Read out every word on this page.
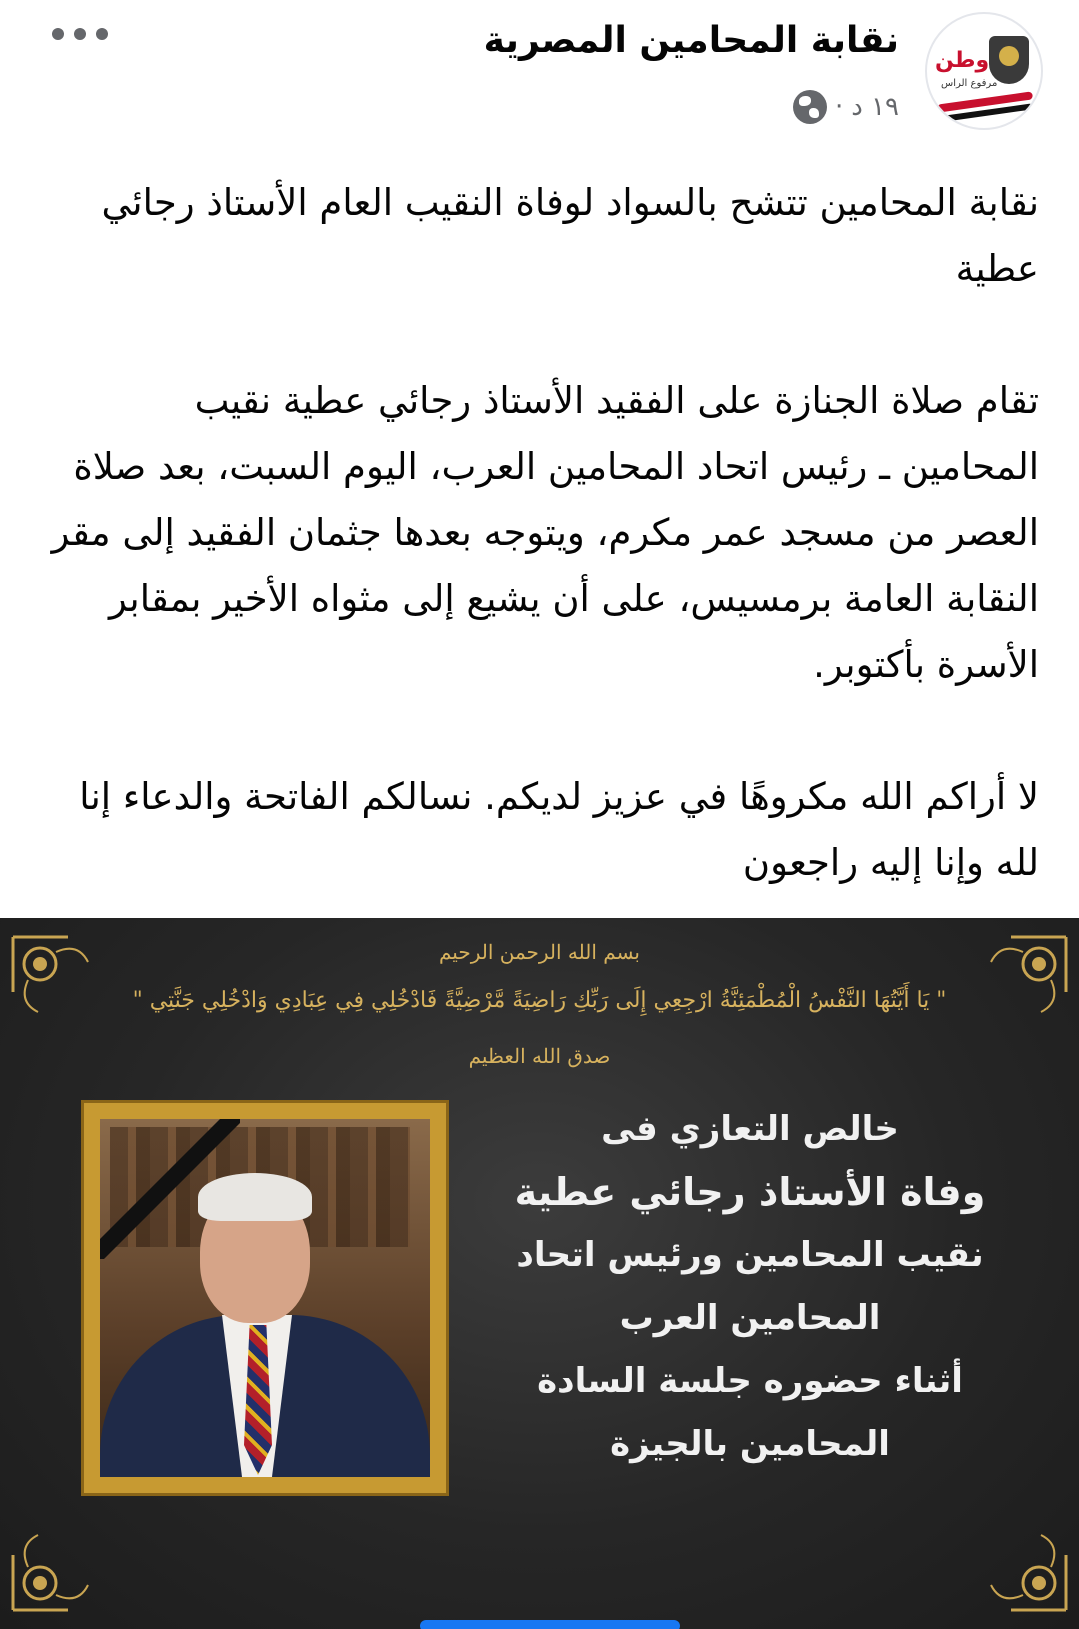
نقابة المحامين المصرية
١٩ د
·
وطن
مرفوع الراس

نقابة المحامين تتشح بالسواد لوفاة النقيب العام الأستاذ رجائي عطية

تقام صلاة الجنازة على الفقيد الأستاذ رجائي عطية نقيب المحامين ـ رئيس اتحاد المحامين العرب، اليوم السبت، بعد صلاة العصر من مسجد عمر مكرم، ويتوجه بعدها جثمان الفقيد إلى مقر النقابة العامة برمسيس، على أن يشيع إلى مثواه الأخير بمقابر الأسرة بأكتوبر.

لا أراكم الله مكروهًا في عزيز لديكم. نسالكم الفاتحة والدعاء إنا لله وإنا إليه راجعون

بسم الله الرحمن الرحيم
" يَا أَيَّتُهَا النَّفْسُ الْمُطْمَئِنَّةُ ارْجِعِي إِلَى رَبِّكِ رَاضِيَةً مَّرْضِيَّةً فَادْخُلِي فِي عِبَادِي وَادْخُلِي جَنَّتِي "
صدق الله العظيم
خالص التعازي فى
وفاة الأستاذ رجائي عطية
نقيب المحامين ورئيس اتحاد
المحامين العرب
أثناء حضوره جلسة السادة
المحامين بالجيزة
